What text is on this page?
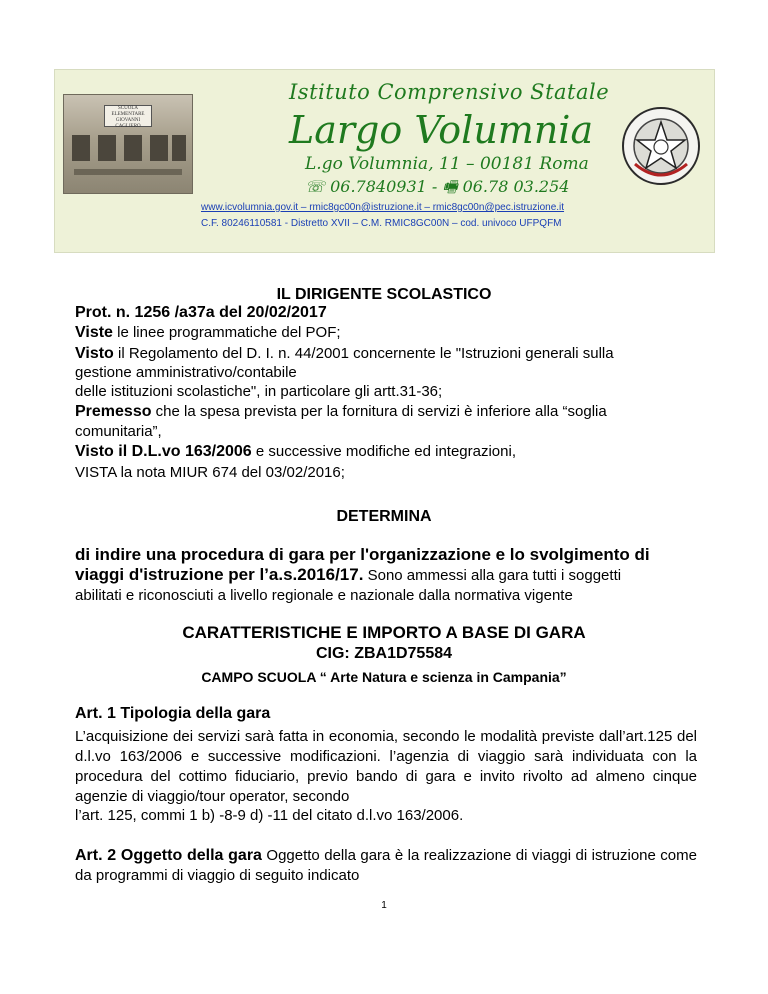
SCUOLA ELEMENTARE GIOVANNI CAGLIERO
Istituto Comprensivo Statale
Largo Volumnia
L.go Volumnia, 11 – 00181 Roma
☏ 06.7840931 - 🖷 06.78 03.254
www.icvolumnia.gov.it – rmic8gc00n@istruzione.it – rmic8gc00n@pec.istruzione.it
C.F. 80246110581 - Distretto XVII – C.M. RMIC8GC00N – cod. univoco UFPQFM
IL DIRIGENTE SCOLASTICO
Prot. n. 1256 /a37a del 20/02/2017
Viste le linee programmatiche del POF;
Visto il Regolamento del D. I. n. 44/2001 concernente le "Istruzioni generali sulla
gestione amministrativo/contabile
delle istituzioni scolastiche", in particolare gli artt.31-36;
Premesso che la spesa prevista per la fornitura di servizi è inferiore alla “soglia
comunitaria”,
Visto il D.L.vo 163/2006 e successive modifiche ed integrazioni,
VISTA la nota MIUR 674 del 03/02/2016;
DETERMINA
di indire una procedura di gara per l'organizzazione e lo svolgimento di
viaggi d'istruzione per l’a.s.2016/17. Sono ammessi alla gara tutti i soggetti
abilitati e riconosciuti a livello regionale e nazionale dalla normativa vigente
CARATTERISTICHE E IMPORTO A BASE DI GARA
CIG: ZBA1D75584
CAMPO SCUOLA “ Arte Natura e scienza in Campania”
Art. 1 Tipologia della gara
L’acquisizione dei servizi sarà fatta in economia, secondo le modalità previste dall’art.125 del d.l.vo 163/2006 e successive modificazioni. l’agenzia di viaggio sarà individuata con la procedura del cottimo fiduciario, previo bando di gara e invito rivolto ad almeno cinque agenzie di viaggio/tour operator, secondo
l’art. 125, commi 1 b) -8-9 d) -11 del citato d.l.vo 163/2006.
Art. 2 Oggetto della gara Oggetto della gara è la realizzazione di viaggi di istruzione come da programmi di viaggio di seguito indicato
1
